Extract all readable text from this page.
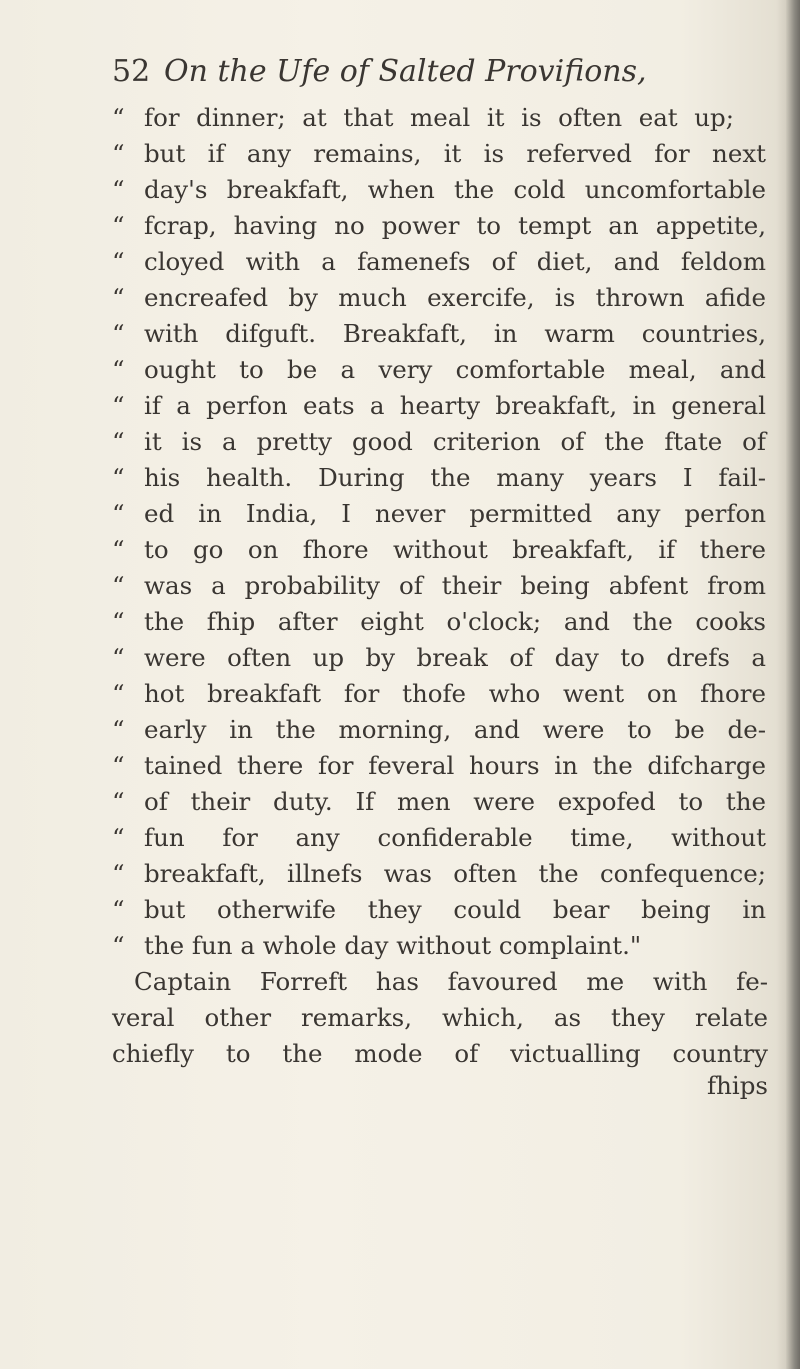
52 On the Ufe of Salted Provifions,
“ for dinner; at that meal it is often eat up;
“ but if any remains, it is referved for next
“ day's breakfaft, when the cold uncomfortable
“ fcrap, having no power to tempt an appetite,
“ cloyed with a famenefs of diet, and feldom
“ encreafed by much exercife, is thrown afide
“ with difguft. Breakfaft, in warm countries,
“ ought to be a very comfortable meal, and
“ if a perfon eats a hearty breakfaft, in general
“ it is a pretty good criterion of the ftate of
“ his health. During the many years I fail-
“ ed in India, I never permitted any perfon
“ to go on fhore without breakfaft, if there
“ was a probability of their being abfent from
“ the fhip after eight o'clock; and the cooks
“ were often up by break of day to drefs a
“ hot breakfaft for thofe who went on fhore
“ early in the morning, and were to be de-
“ tained there for feveral hours in the difcharge
“ of their duty. If men were expofed to the
“ fun for any confiderable time, without
“ breakfaft, illnefs was often the confequence;
“ but otherwife they could bear being in
“ the fun a whole day without complaint."
Captain Forreft has favoured me with fe-
veral other remarks, which, as they relate
chiefly to the mode of victualling country
fhips
